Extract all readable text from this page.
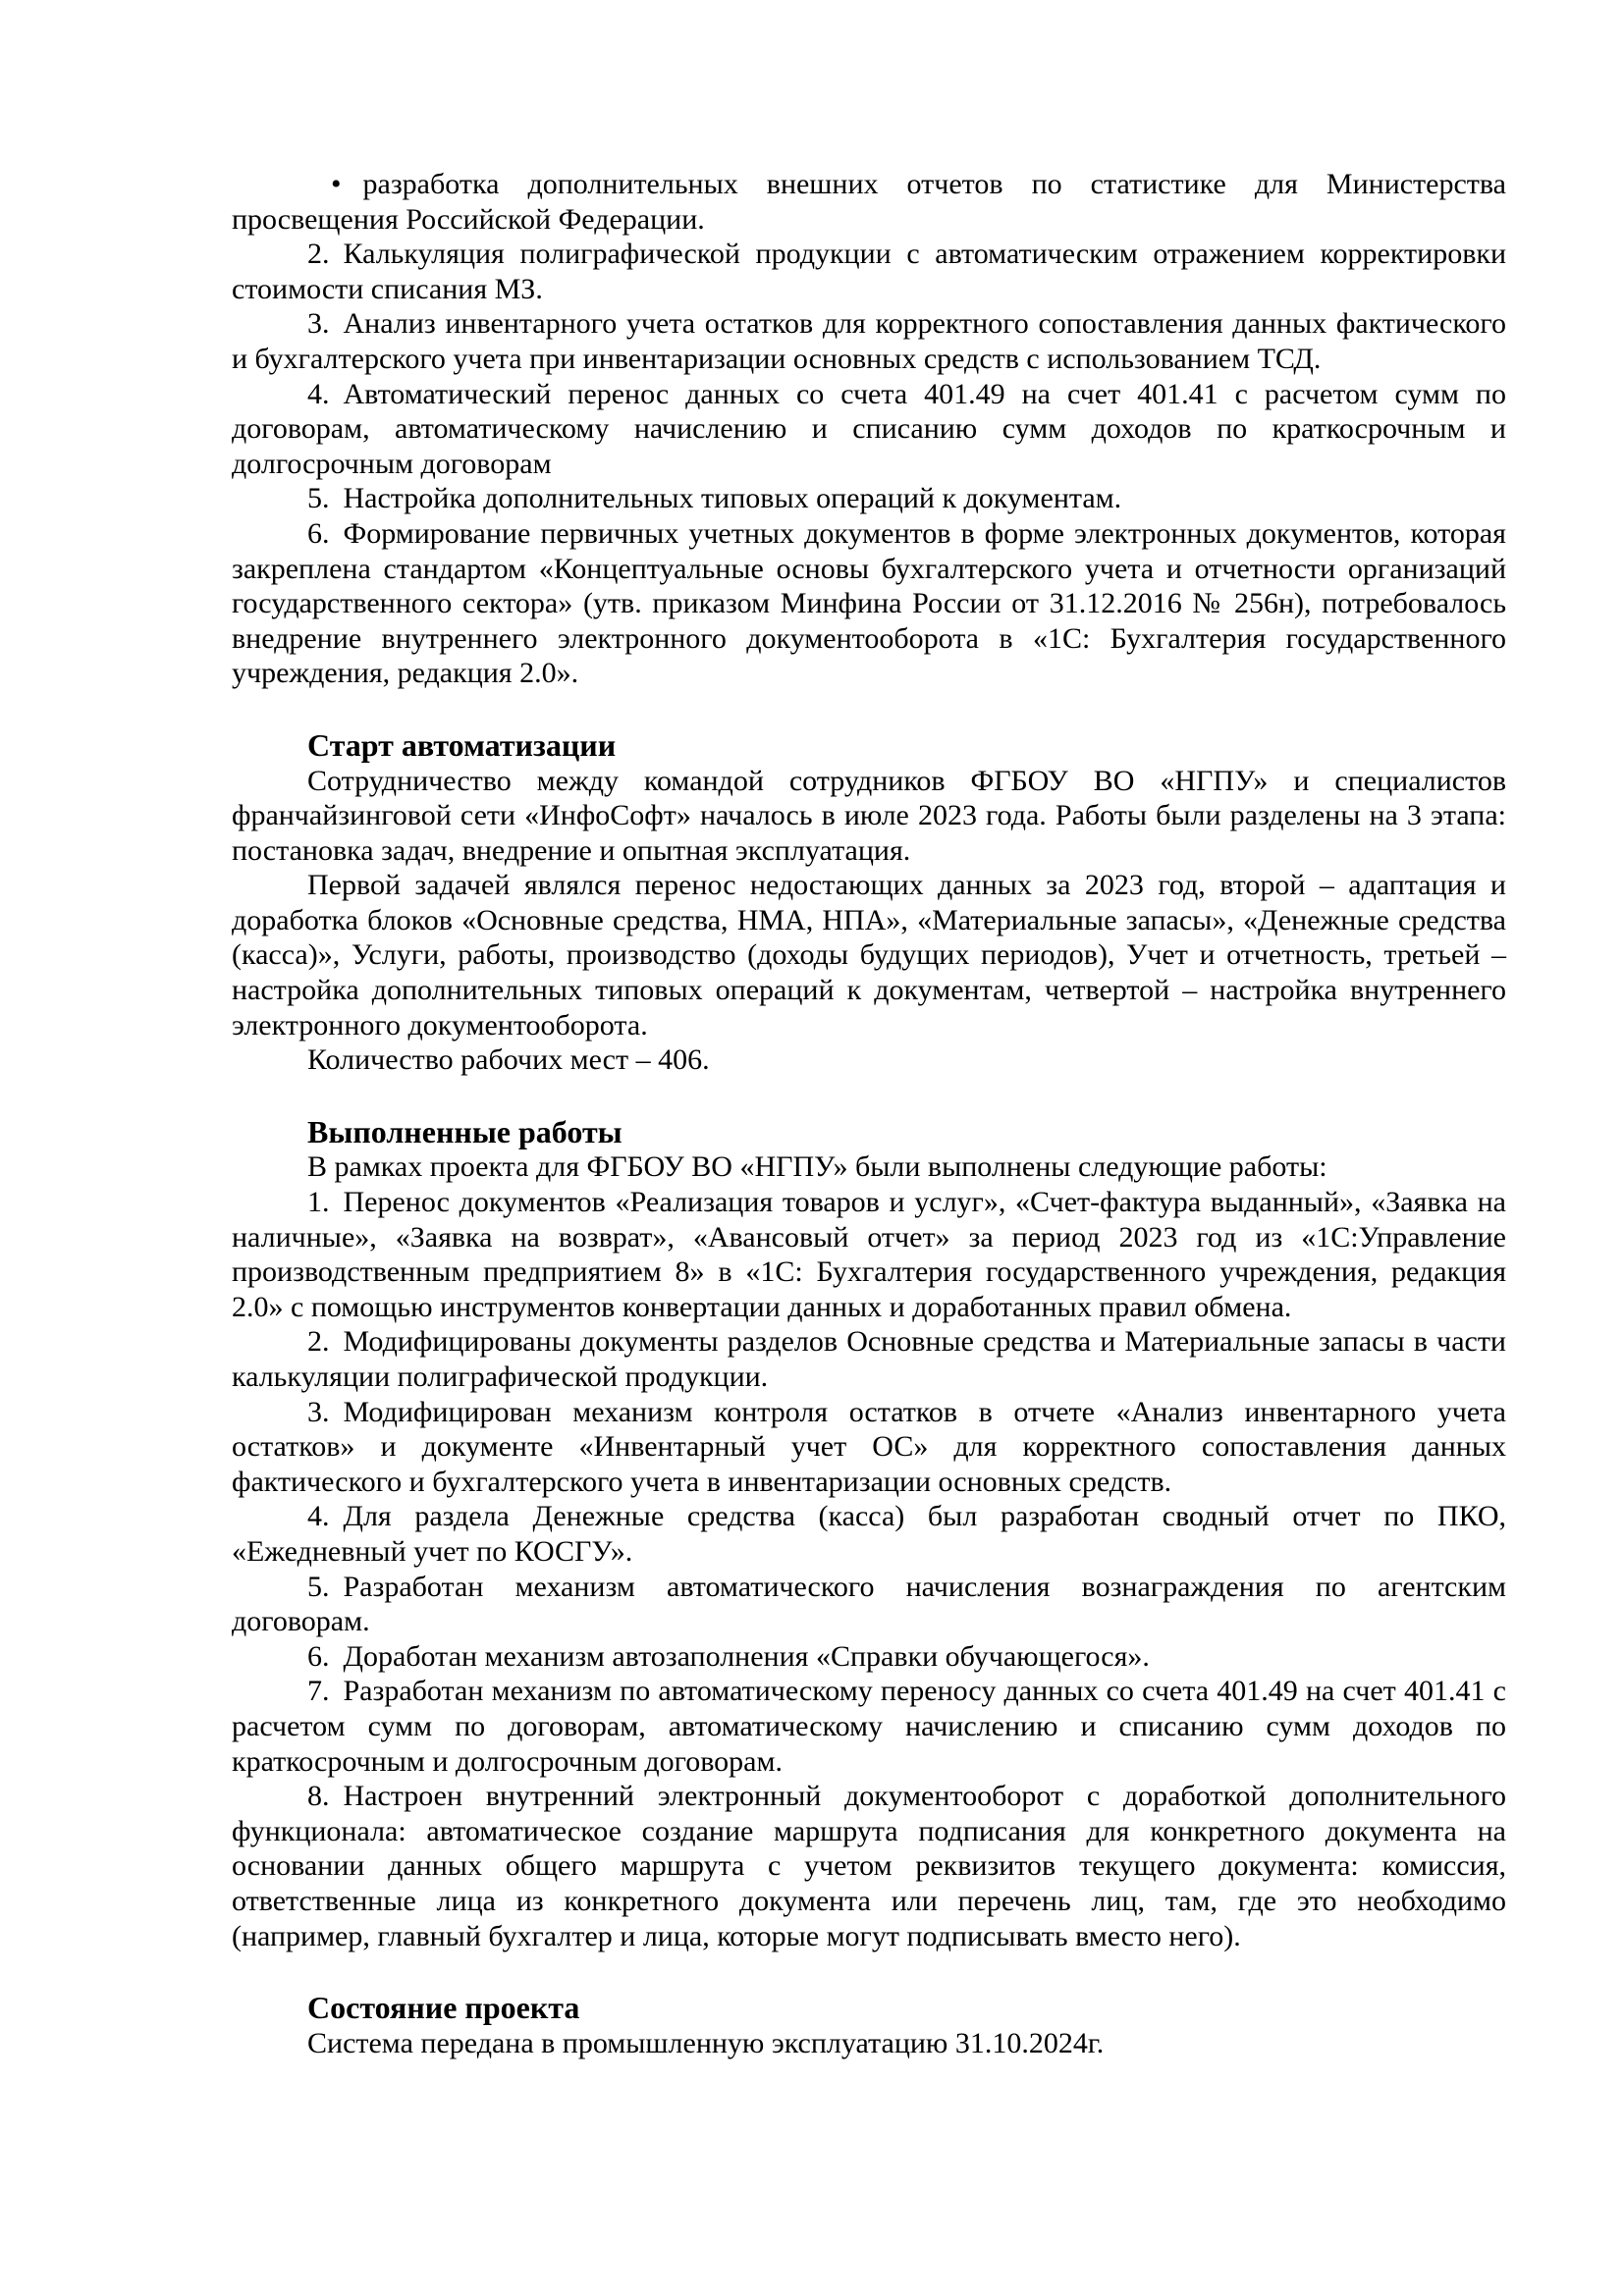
• разработка дополнительных внешних отчетов по статистике для Министерства просвещения Российской Федерации.

2. Калькуляция полиграфической продукции с автоматическим отражением корректировки стоимости списания МЗ.

3. Анализ инвентарного учета остатков для корректного сопоставления данных фактического и бухгалтерского учета при инвентаризации основных средств с использованием ТСД.

4. Автоматический перенос данных со счета 401.49 на счет 401.41 с расчетом сумм по договорам, автоматическому начислению и списанию сумм доходов по краткосрочным и долгосрочным договорам

5. Настройка дополнительных типовых операций к документам.

6. Формирование первичных учетных документов в форме электронных документов, которая закреплена стандартом «Концептуальные основы бухгалтерского учета и отчетности организаций государственного сектора» (утв. приказом Минфина России от 31.12.2016 № 256н), потребовалось внедрение внутреннего электронного документооборота в «1С: Бухгалтерия государственного учреждения, редакция 2.0».

Старт автоматизации

Сотрудничество между командой сотрудников ФГБОУ ВО «НГПУ» и специалистов франчайзинговой сети «ИнфоСофт» началось в июле 2023 года. Работы были разделены на 3 этапа: постановка задач, внедрение и опытная эксплуатация.

Первой задачей являлся перенос недостающих данных за 2023 год, второй – адаптация и доработка блоков «Основные средства, НМА, НПА», «Материальные запасы», «Денежные средства (касса)», Услуги, работы, производство (доходы будущих периодов), Учет и отчетность, третьей – настройка дополнительных типовых операций к документам, четвертой – настройка внутреннего электронного документооборота.

Количество рабочих мест – 406.

Выполненные работы

В рамках проекта для ФГБОУ ВО «НГПУ» были выполнены следующие работы:

1. Перенос документов «Реализация товаров и услуг», «Счет-фактура выданный», «Заявка на наличные», «Заявка на возврат», «Авансовый отчет» за период 2023 год из «1С:Управление производственным предприятием 8» в «1С: Бухгалтерия государственного учреждения, редакция 2.0» с помощью инструментов конвертации данных и доработанных правил обмена.

2. Модифицированы документы разделов Основные средства и Материальные запасы в части калькуляции полиграфической продукции.

3. Модифицирован механизм контроля остатков в отчете «Анализ инвентарного учета остатков» и документе «Инвентарный учет ОС» для корректного сопоставления данных фактического и бухгалтерского учета в инвентаризации основных средств.

4. Для раздела Денежные средства (касса) был разработан сводный отчет по ПКО, «Ежедневный учет по КОСГУ».

5. Разработан механизм автоматического начисления вознаграждения по агентским договорам.

6. Доработан механизм автозаполнения «Справки обучающегося».

7. Разработан механизм по автоматическому переносу данных со счета 401.49 на счет 401.41 с расчетом сумм по договорам, автоматическому начислению и списанию сумм доходов по краткосрочным и долгосрочным договорам.

8. Настроен внутренний электронный документооборот с доработкой дополнительного функционала: автоматическое создание маршрута подписания для конкретного документа на основании данных общего маршрута с учетом реквизитов текущего документа: комиссия, ответственные лица из конкретного документа или перечень лиц, там, где это необходимо (например, главный бухгалтер и лица, которые могут подписывать вместо него).

Состояние проекта

Система передана в промышленную эксплуатацию 31.10.2024г.
